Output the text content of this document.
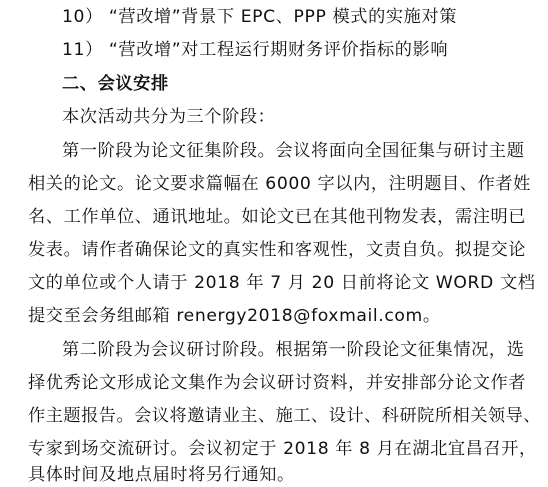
10） “营改增”背景下 EPC、PPP 模式的实施对策
11） “营改增”对工程运行期财务评价指标的影响
二、会议安排
本次活动共分为三个阶段：
第一阶段为论文征集阶段。会议将面向全国征集与研讨主题
相关的论文。论文要求篇幅在 6000 字以内，注明题目、作者姓
名、工作单位、通讯地址。如论文已在其他刊物发表，需注明已
发表。请作者确保论文的真实性和客观性，文责自负。拟提交论
文的单位或个人请于 2018 年 7 月 20 日前将论文 WORD 文档
提交至会务组邮箱 renergy2018@foxmail.com。
第二阶段为会议研讨阶段。根据第一阶段论文征集情况，选
择优秀论文形成论文集作为会议研讨资料，并安排部分论文作者
作主题报告。会议将邀请业主、施工、设计、科研院所相关领导、
专家到场交流研讨。会议初定于 2018 年 8 月在湖北宜昌召开，
具体时间及地点届时将另行通知。
